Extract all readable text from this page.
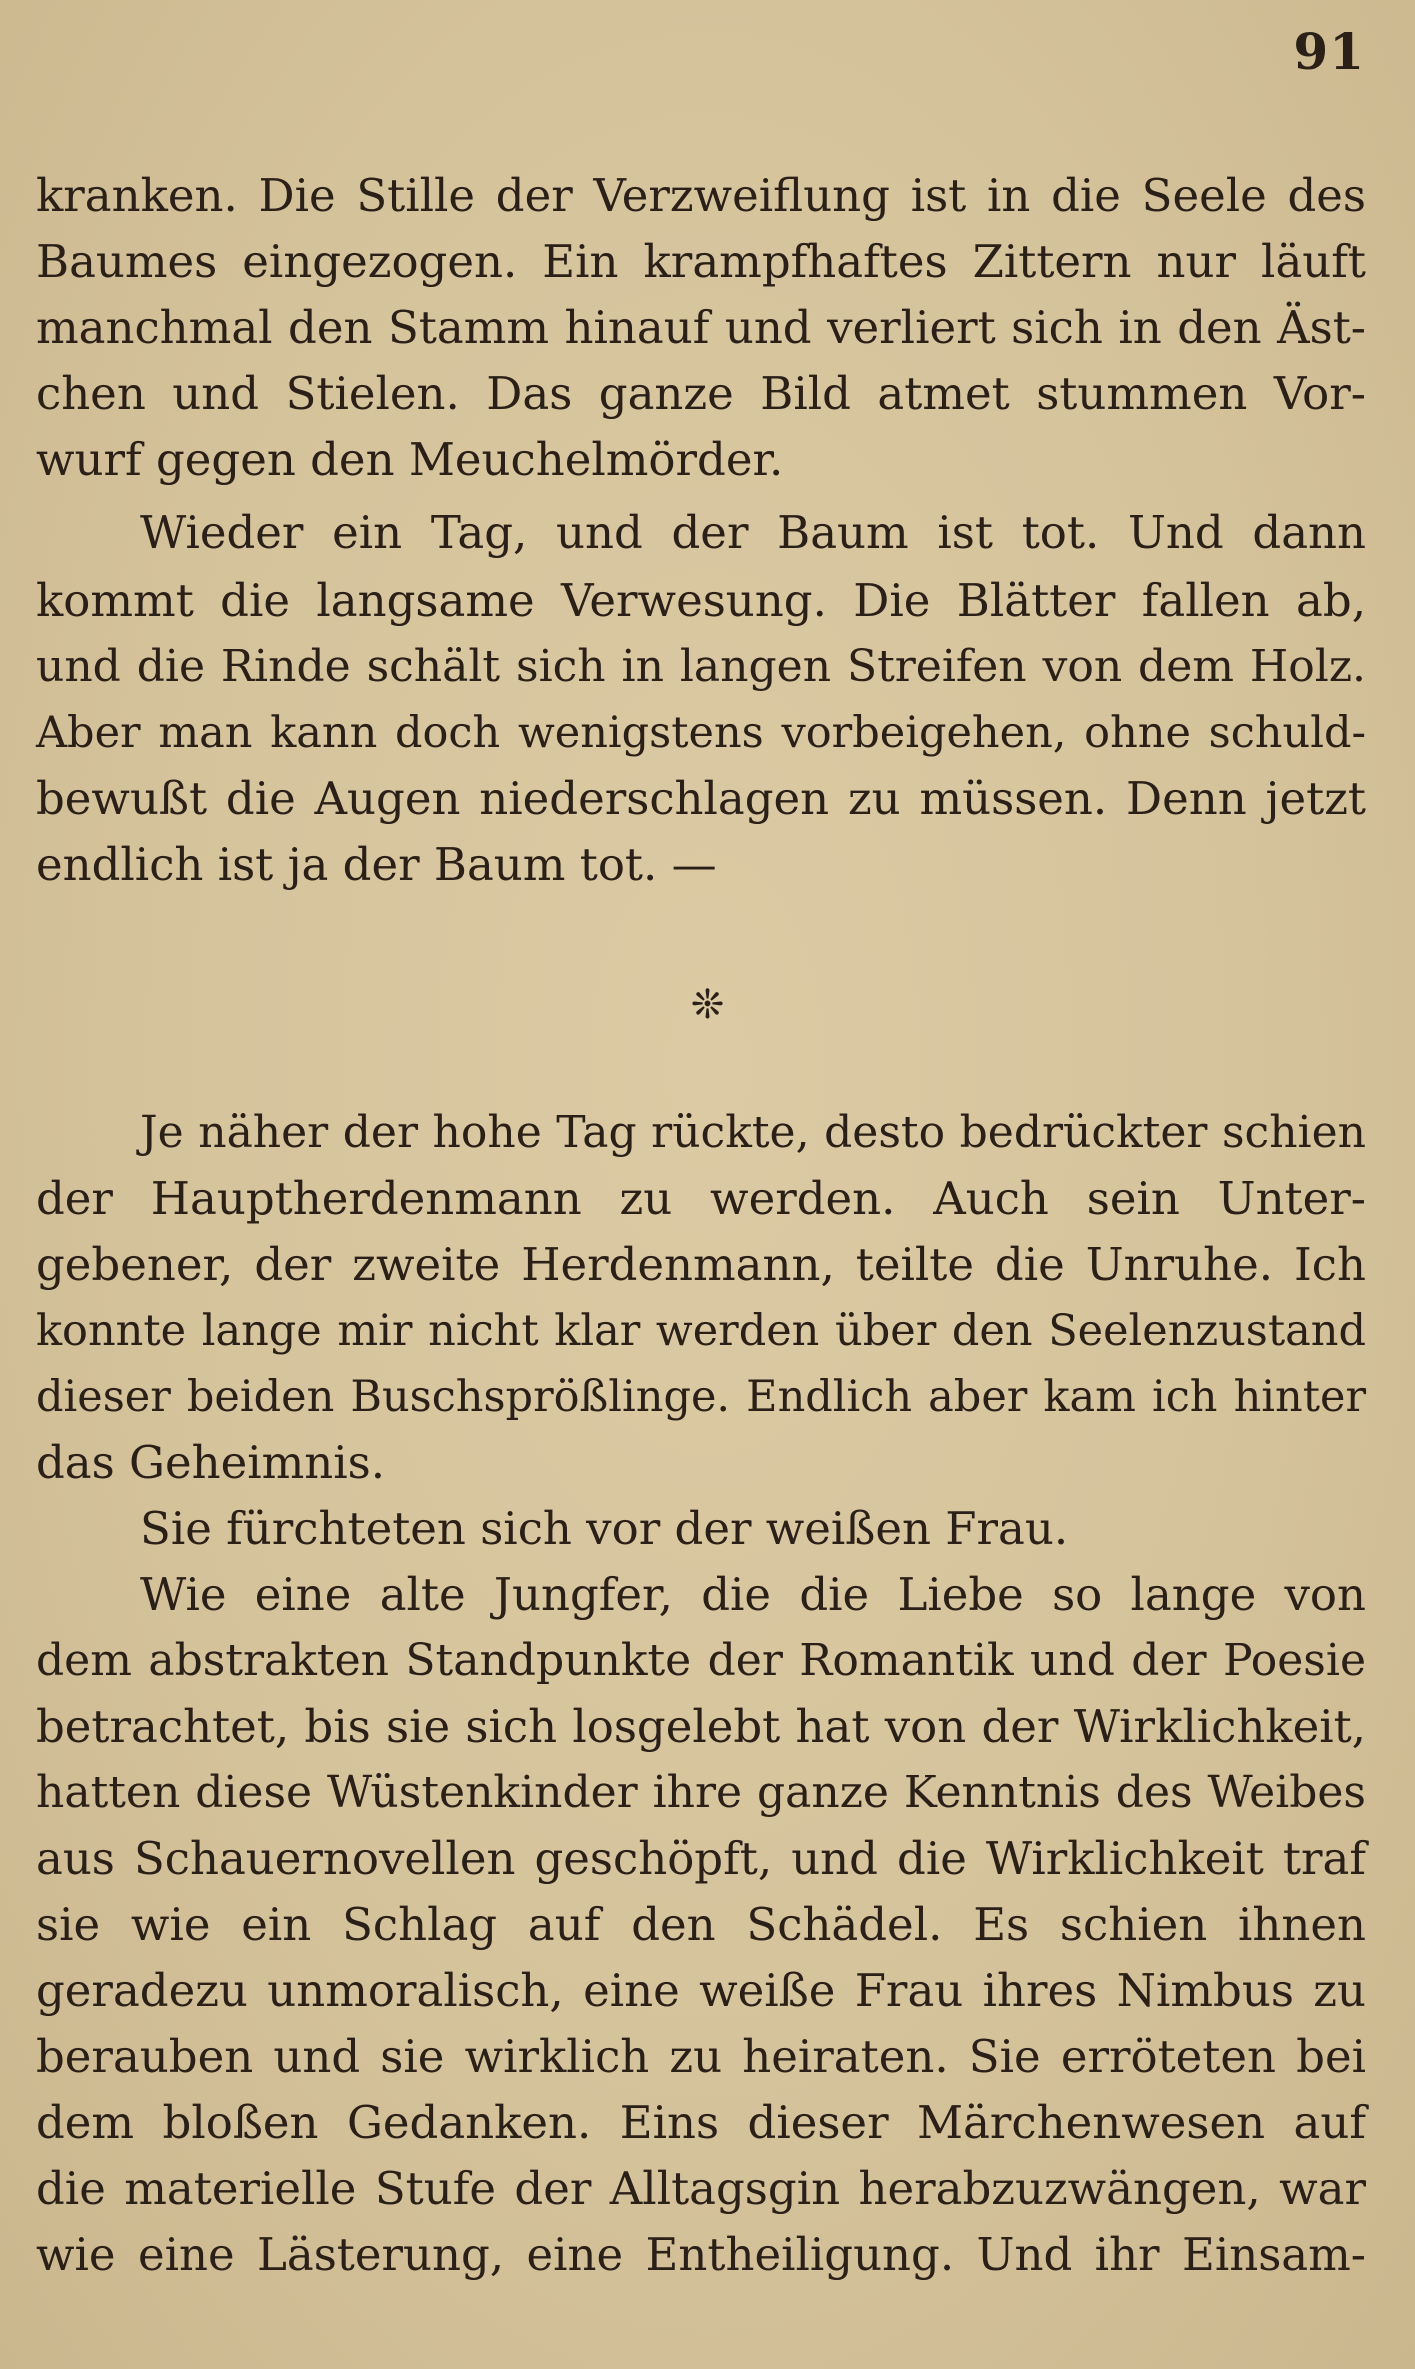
91
kranken. Die Stille der Verzweiflung ist in die Seele des
Baumes eingezogen. Ein krampfhaftes Zittern nur läuft
manchmal den Stamm hinauf und verliert sich in den Äst-
chen und Stielen. Das ganze Bild atmet stummen Vor-
wurf gegen den Meuchelmörder.
Wieder ein Tag, und der Baum ist tot. Und dann
kommt die langsame Verwesung. Die Blätter fallen ab,
und die Rinde schält sich in langen Streifen von dem Holz.
Aber man kann doch wenigstens vorbeigehen, ohne schuld-
bewußt die Augen niederschlagen zu müssen. Denn jetzt
endlich ist ja der Baum tot. —
❊
Je näher der hohe Tag rückte, desto bedrückter schien
der Hauptherdenmann zu werden. Auch sein Unter-
gebener, der zweite Herdenmann, teilte die Unruhe. Ich
konnte lange mir nicht klar werden über den Seelenzustand
dieser beiden Buschsprößlinge. Endlich aber kam ich hinter
das Geheimnis.
Sie fürchteten sich vor der weißen Frau.
Wie eine alte Jungfer, die die Liebe so lange von
dem abstrakten Standpunkte der Romantik und der Poesie
betrachtet, bis sie sich losgelebt hat von der Wirklichkeit,
hatten diese Wüstenkinder ihre ganze Kenntnis des Weibes
aus Schauernovellen geschöpft, und die Wirklichkeit traf
sie wie ein Schlag auf den Schädel. Es schien ihnen
geradezu unmoralisch, eine weiße Frau ihres Nimbus zu
berauben und sie wirklich zu heiraten. Sie erröteten bei
dem bloßen Gedanken. Eins dieser Märchenwesen auf
die materielle Stufe der Alltagsgin herabzuzwängen, war
wie eine Lästerung, eine Entheiligung. Und ihr Einsam-
